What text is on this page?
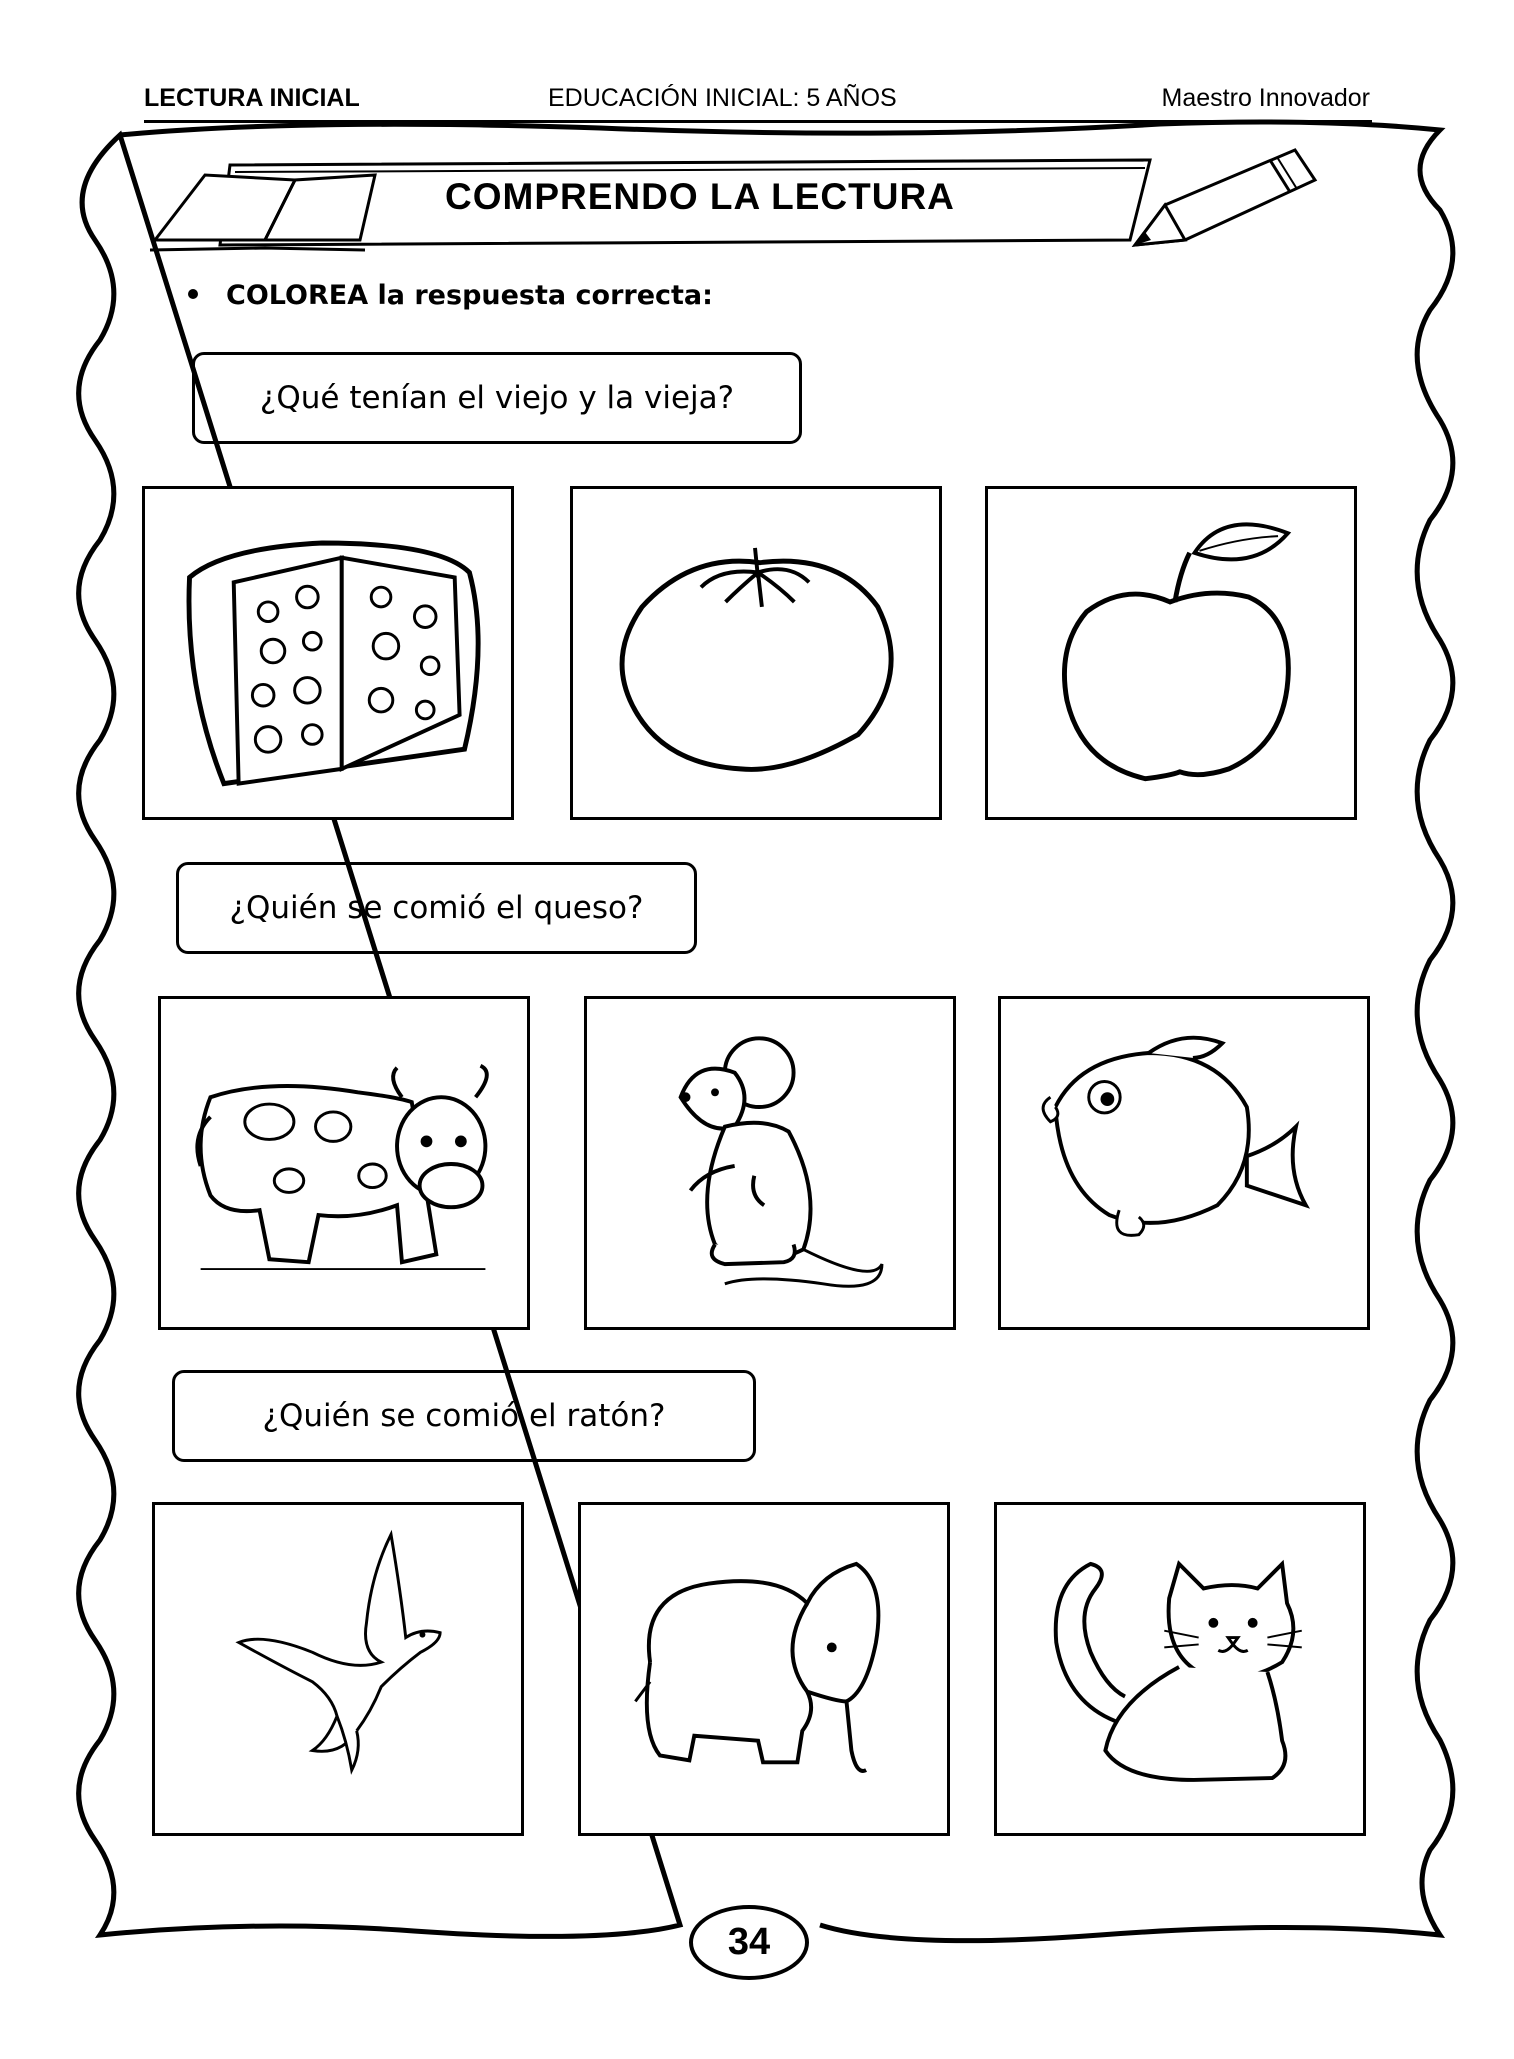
LECTURA INICIAL	EDUCACIÓN INICIAL: 5 AÑOS	Maestro Innovador
COMPRENDO LA LECTURA
COLOREA la respuesta correcta:
¿Qué tenían el viejo y la vieja?
¿Quién se comió el queso?
¿Quién se comió el ratón?
34
